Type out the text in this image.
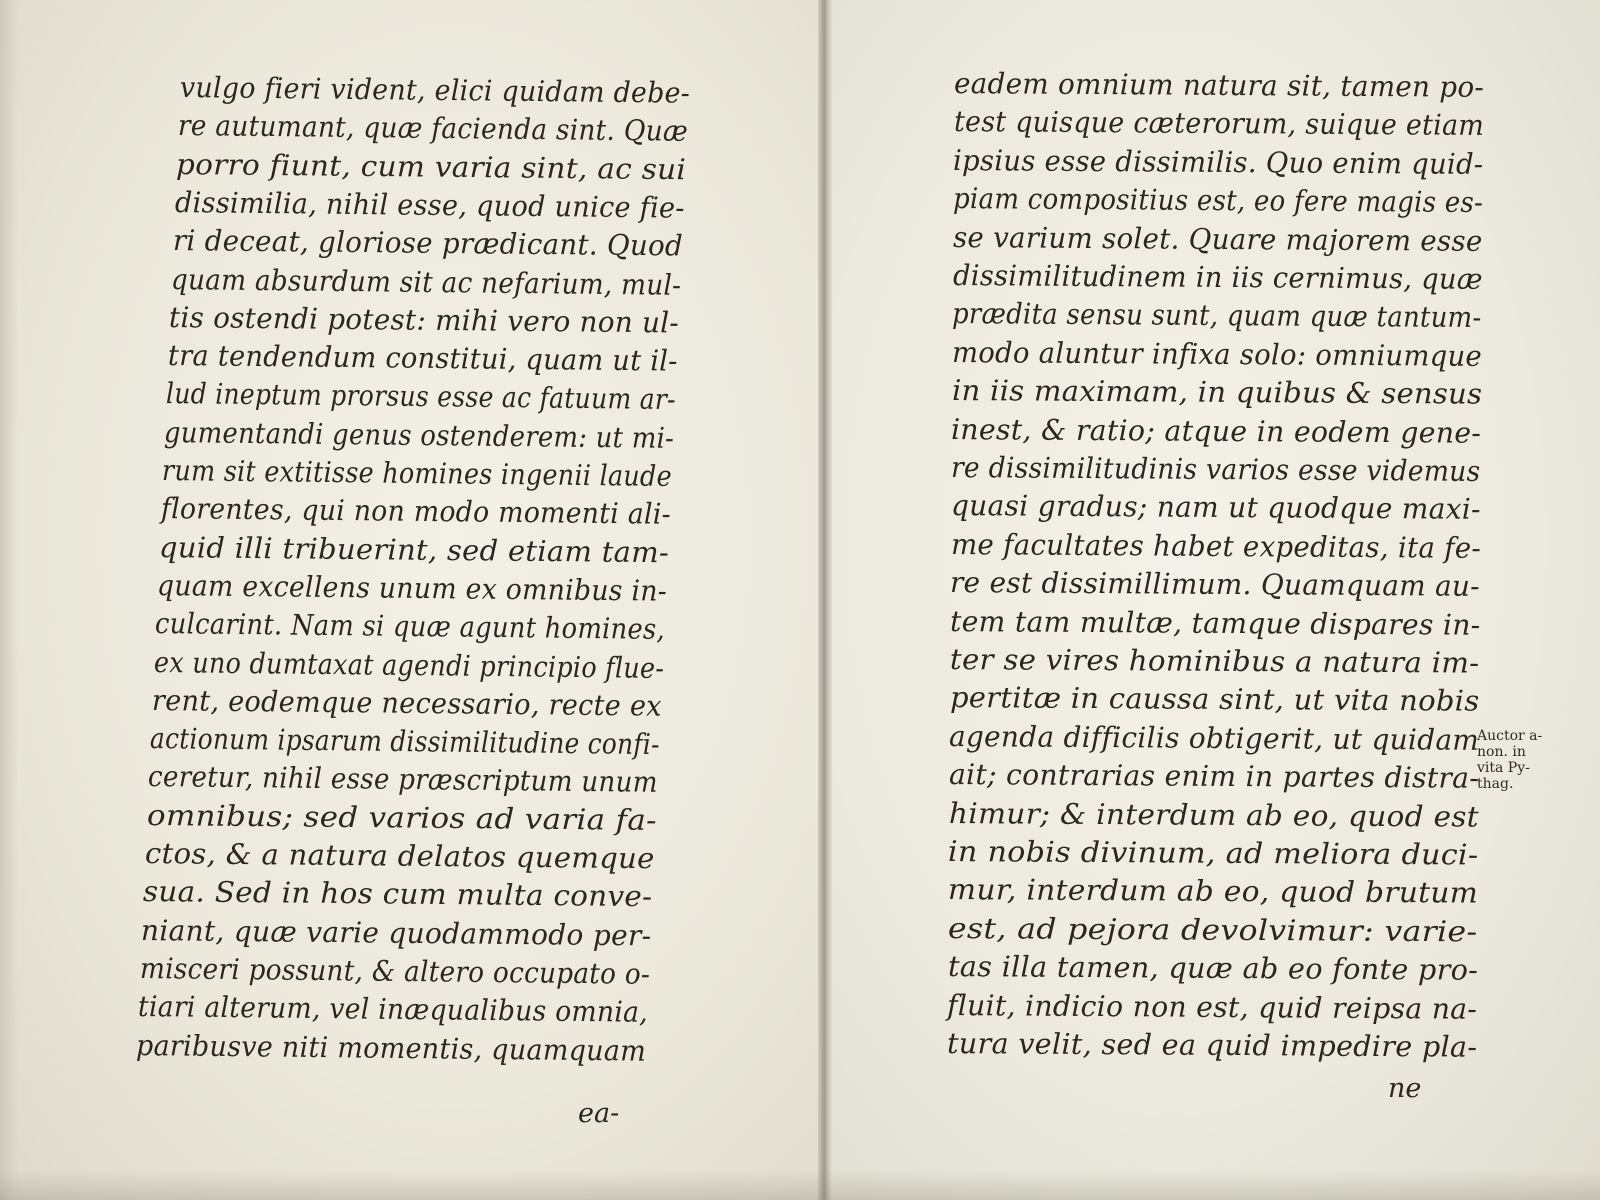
vulgo fieri vident, elici quidam debe-
re autumant, quæ facienda sint. Quæ
porro fiunt, cum varia sint, ac sui
dissimilia, nihil esse, quod unice fie-
ri deceat, gloriose prædicant. Quod
quam absurdum sit ac nefarium, mul-
tis ostendi potest: mihi vero non ul-
tra tendendum constitui, quam ut il-
lud ineptum prorsus esse ac fatuum ar-
gumentandi genus ostenderem: ut mi-
rum sit extitisse homines ingenii laude
florentes, qui non modo momenti ali-
quid illi tribuerint, sed etiam tam-
quam excellens unum ex omnibus in-
culcarint. Nam si quæ agunt homines,
ex uno dumtaxat agendi principio flue-
rent, eodemque necessario, recte ex
actionum ipsarum dissimilitudine confi-
ceretur, nihil esse præscriptum unum
omnibus; sed varios ad varia fa-
ctos, & a natura delatos quemque
sua. Sed in hos cum multa conve-
niant, quæ varie quodammodo per-
misceri possunt, & altero occupato o-
tiari alterum, vel inæqualibus omnia,
paribusve niti momentis, quamquam
ea-
eadem omnium natura sit, tamen po-
test quisque cæterorum, suique etiam
ipsius esse dissimilis. Quo enim quid-
piam compositius est, eo fere magis es-
se varium solet. Quare majorem esse
dissimilitudinem in iis cernimus, quæ
prædita sensu sunt, quam quæ tantum-
modo aluntur infixa solo: omniumque
in iis maximam, in quibus & sensus
inest, & ratio; atque in eodem gene-
re dissimilitudinis varios esse videmus
quasi gradus; nam ut quodque maxi-
me facultates habet expeditas, ita fe-
re est dissimillimum. Quamquam au-
tem tam multæ, tamque dispares in-
ter se vires hominibus a natura im-
pertitæ in caussa sint, ut vita nobis
agenda difficilis obtigerit, ut quidam
ait; contrarias enim in partes distra-
himur; & interdum ab eo, quod est
in nobis divinum, ad meliora duci-
mur, interdum ab eo, quod brutum
est, ad pejora devolvimur: varie-
tas illa tamen, quæ ab eo fonte pro-
fluit, indicio non est, quid reipsa na-
tura velit, sed ea quid impedire pla-
ne
Auctor a-
non. in
vita Py-
thag.
